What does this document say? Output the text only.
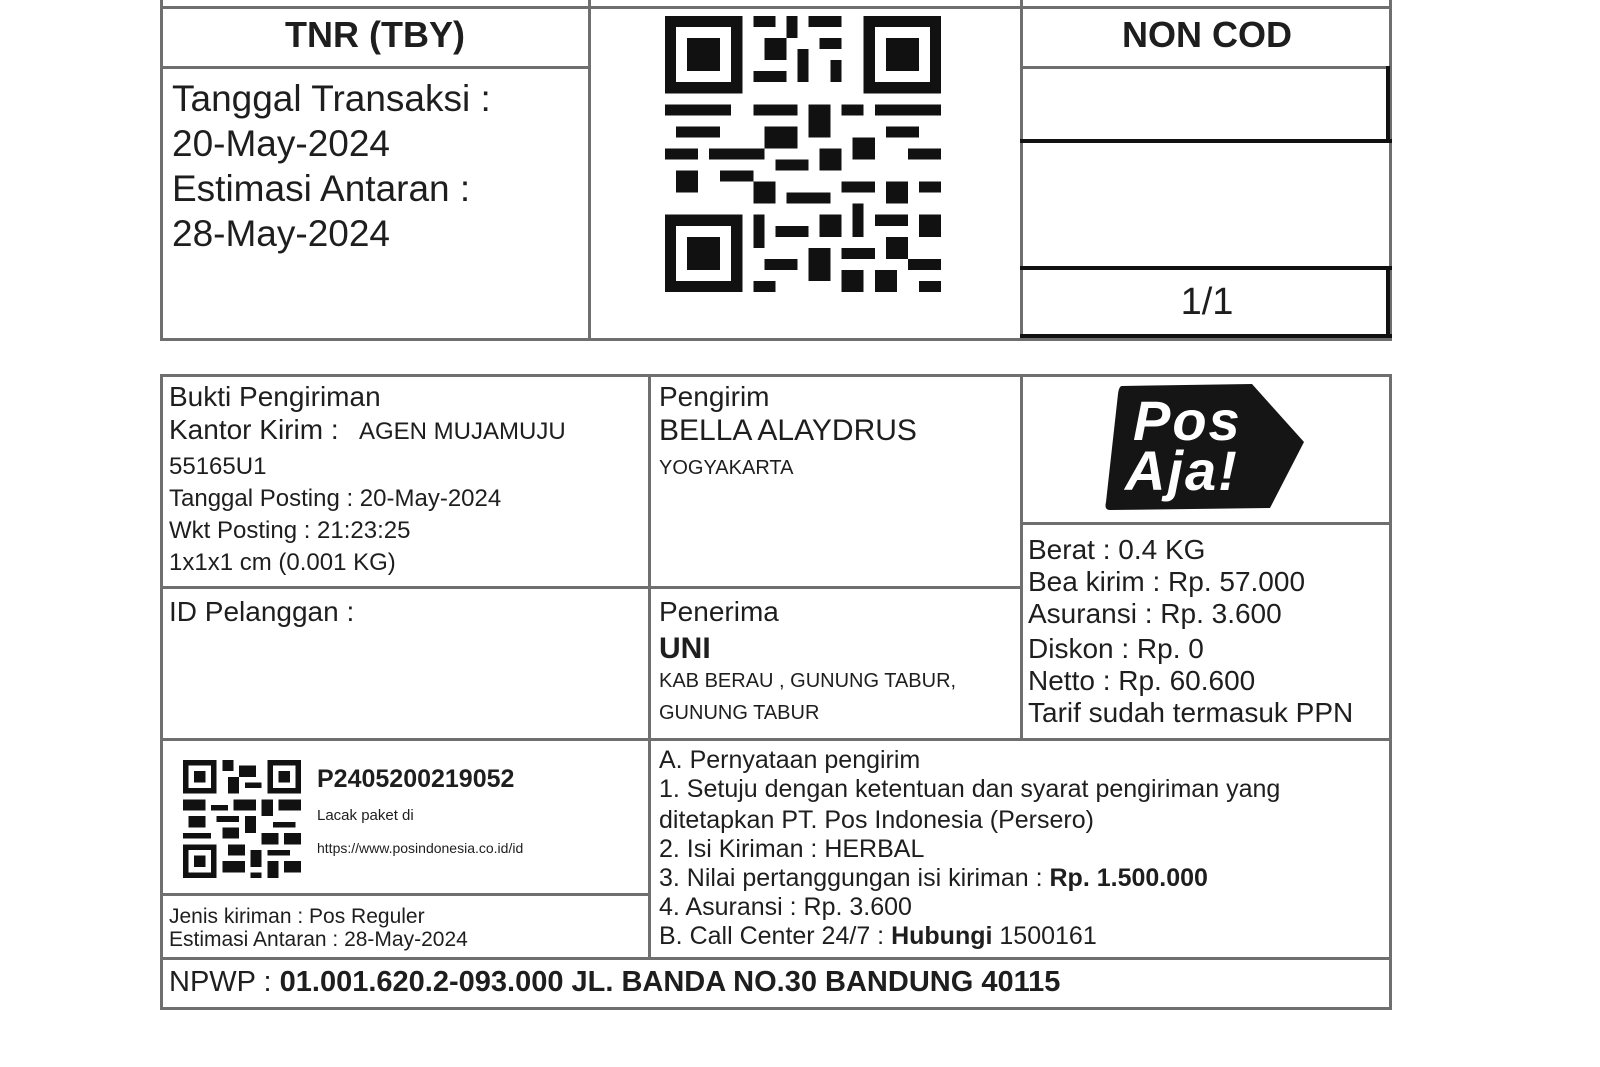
TNR (TBY)
Tanggal Transaksi :
20-May-2024
Estimasi Antaran :
28-May-2024
NON COD
1/1
Bukti Pengiriman
Kantor Kirim : AGEN MUJAMUJU
55165U1
Tanggal Posting : 20-May-2024
Wkt Posting : 21:23:25
1x1x1 cm (0.001 KG)
Pengirim
BELLA ALAYDRUS
YOGYAKARTA
Pos
Aja!
Berat : 0.4 KG
Bea kirim : Rp. 57.000
Asuransi : Rp. 3.600
Diskon : Rp. 0
Netto : Rp. 60.600
Tarif sudah termasuk PPN
ID Pelanggan :	Penerima
UNI
KAB BERAU , GUNUNG TABUR,
GUNUNG TABUR
P2405200219052
Lacak paket di
https://www.posindonesia.co.id/id
Jenis kiriman : Pos Reguler
Estimasi Antaran : 28-May-2024
A. Pernyataan pengirim
1. Setuju dengan ketentuan dan syarat pengiriman yang
ditetapkan PT. Pos Indonesia (Persero)
2. Isi Kiriman : HERBAL
3. Nilai pertanggungan isi kiriman : Rp. 1.500.000
4. Asuransi : Rp. 3.600
B. Call Center 24/7 : Hubungi 1500161
NPWP : 01.001.620.2-093.000 JL. BANDA NO.30 BANDUNG 40115
